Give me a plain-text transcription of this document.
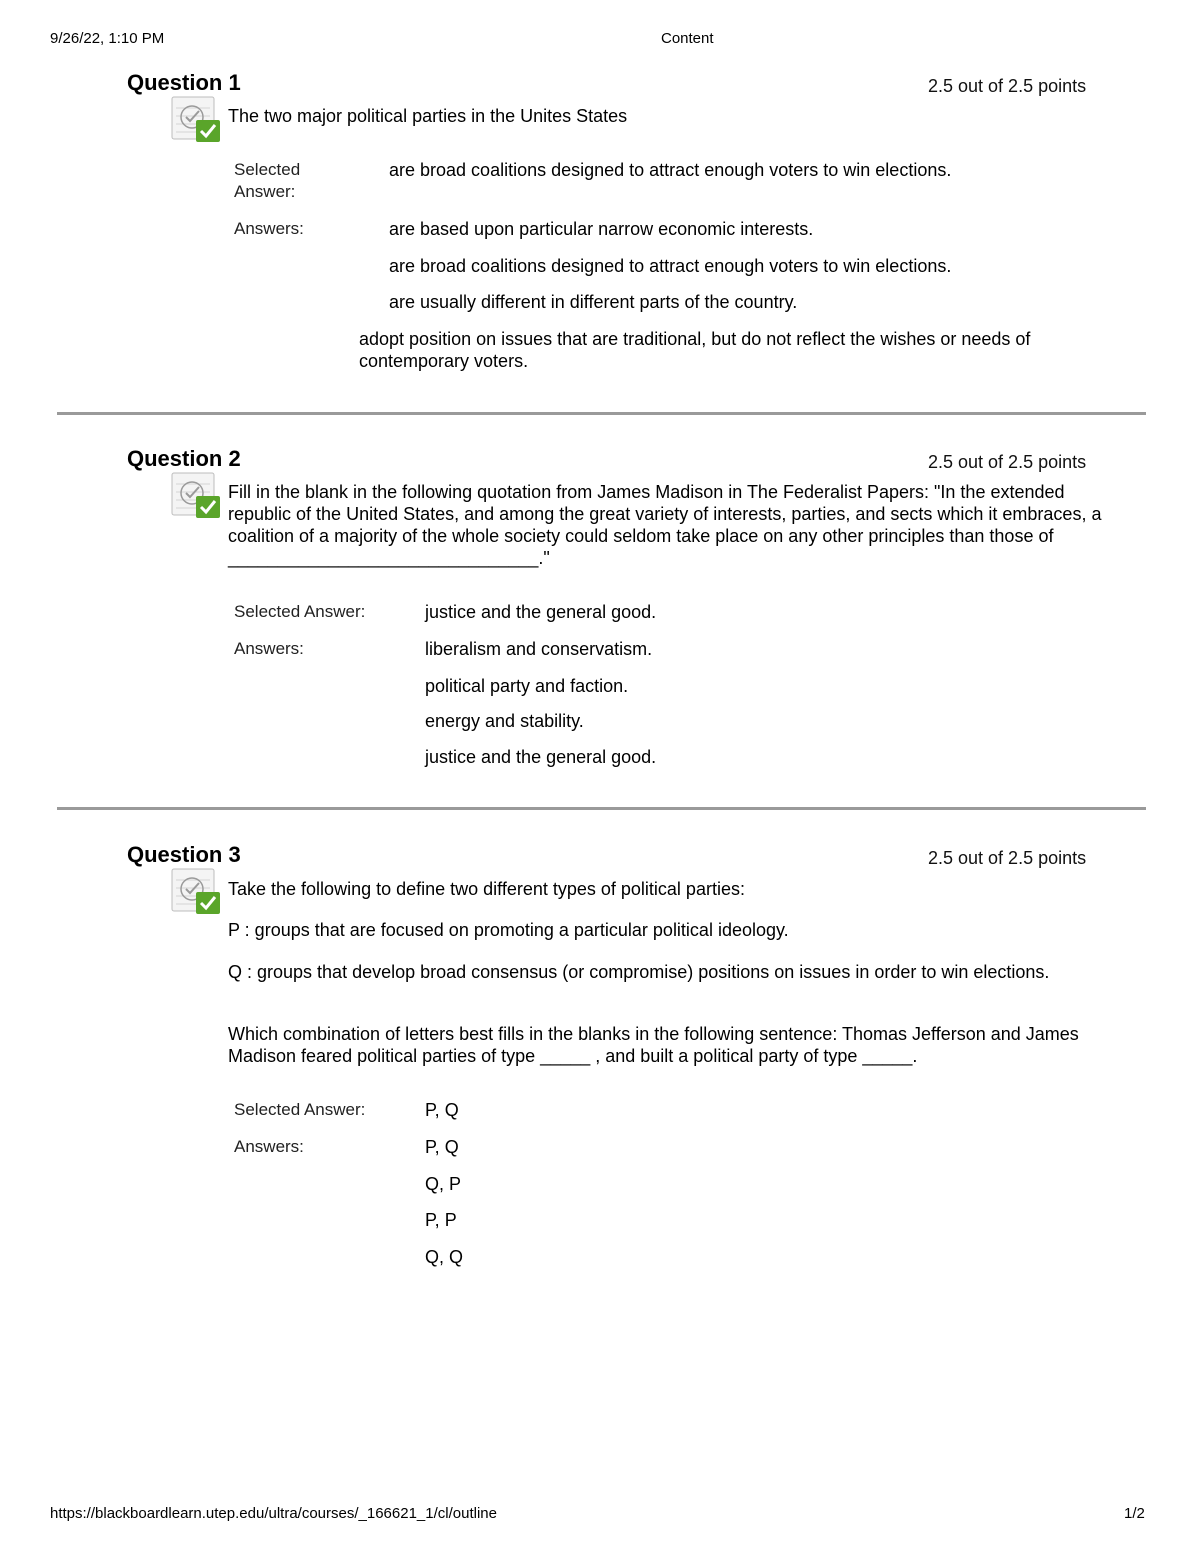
9/26/22, 1:10 PM	Content
Question 1	2.5 out of 2.5 points
The two major political parties in the Unites States
Selected
Answer:
are broad coalitions designed to attract enough voters to win elections.
Answers:	are based upon particular narrow economic interests.
are broad coalitions designed to attract enough voters to win elections.
are usually different in different parts of the country.
adopt position on issues that are traditional, but do not reflect the wishes or needs of contemporary voters.
Question 2	2.5 out of 2.5 points
Fill in the blank in the following quotation from James Madison in The Federalist Papers: "In the extended republic of the United States, and among the great variety of interests, parties, and sects which it embraces, a coalition of a majority of the whole society could seldom take place on any other principles than those of _______________________________."
Selected Answer:	justice and the general good.
Answers:	liberalism and conservatism.
political party and faction.
energy and stability.
justice and the general good.
Question 3	2.5 out of 2.5 points
Take the following to define two different types of political parties:
P : groups that are focused on promoting a particular political ideology.
Q : groups that develop broad consensus (or compromise) positions on issues in order to win elections.
Which combination of letters best fills in the blanks in the following sentence: Thomas Jefferson and James Madison feared political parties of type _____ , and built a political party of type _____.
Selected Answer:	P, Q
Answers:	P, Q
Q, P
P, P
Q, Q
https://blackboardlearn.utep.edu/ultra/courses/_166621_1/cl/outline	1/2
